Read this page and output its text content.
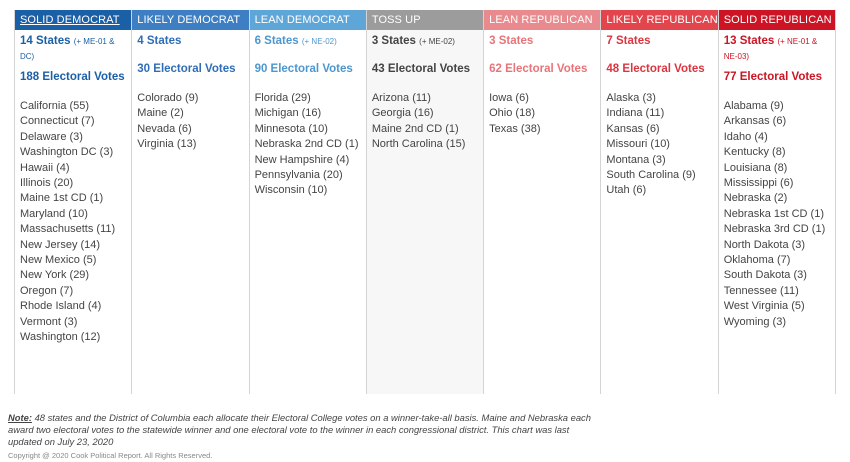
SOLID DEMOCRAT
14 States (+ ME-01 & DC)
188 Electoral Votes
California (55)
Connecticut (7)
Delaware (3)
Washington DC (3)
Hawaii (4)
Illinois (20)
Maine 1st CD (1)
Maryland (10)
Massachusetts (11)
New Jersey (14)
New Mexico (5)
New York (29)
Oregon (7)
Rhode Island (4)
Vermont (3)
Washington (12)
LIKELY DEMOCRAT
4 States
30 Electoral Votes
Colorado (9)
Maine (2)
Nevada (6)
Virginia (13)
LEAN DEMOCRAT
6 States (+ NE-02)
90 Electoral Votes
Florida (29)
Michigan (16)
Minnesota (10)
Nebraska 2nd CD (1)
New Hampshire (4)
Pennsylvania (20)
Wisconsin (10)
TOSS UP
3 States (+ ME-02)
43 Electoral Votes
Arizona (11)
Georgia (16)
Maine 2nd CD (1)
North Carolina (15)
LEAN REPUBLICAN
3 States
62 Electoral Votes
Iowa (6)
Ohio (18)
Texas (38)
LIKELY REPUBLICAN
7 States
48 Electoral Votes
Alaska (3)
Indiana (11)
Kansas (6)
Missouri (10)
Montana (3)
South Carolina (9)
Utah (6)
SOLID REPUBLICAN
13 States (+ NE-01 & NE-03)
77 Electoral Votes
Alabama (9)
Arkansas (6)
Idaho (4)
Kentucky (8)
Louisiana (8)
Mississippi (6)
Nebraska (2)
Nebraska 1st CD (1)
Nebraska 3rd CD (1)
North Dakota (3)
Oklahoma (7)
South Dakota (3)
Tennessee (11)
West Virginia (5)
Wyoming (3)
Note: 48 states and the District of Columbia each allocate their Electoral College votes on a winner-take-all basis. Maine and Nebraska each award two electoral votes to the statewide winner and one electoral vote to the winner in each congressional district. This chart was last updated on July 23, 2020
Copyright @ 2020 Cook Political Report. All Rights Reserved.
